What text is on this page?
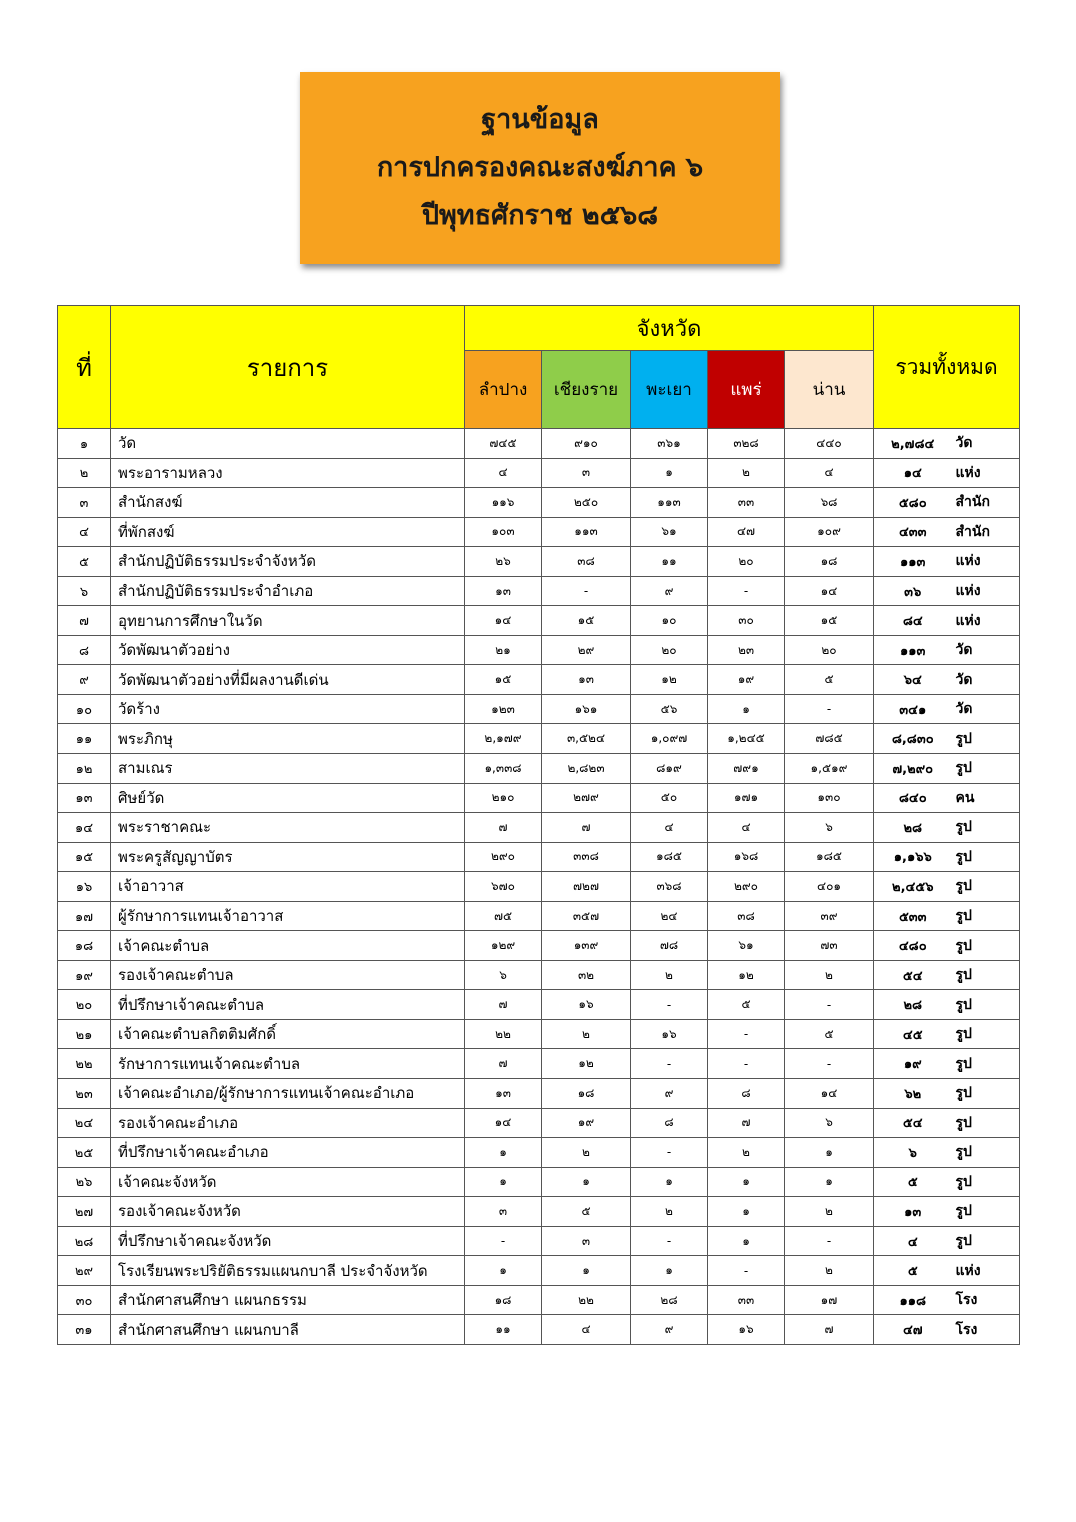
ฐานข้อมูล
การปกครองคณะสงฆ์ภาค ๖
ปีพุทธศักราช ๒๕๖๘
ที่	รายการ	จังหวัด					รวมทั้งหมด	
		ลำปาง	เชียงราย	พะเยา	แพร่	น่าน		
๑	วัด	๗๔๕	๙๑๐	๓๖๑	๓๒๘	๔๔๐	๒,๗๘๔	วัด
๒	พระอารามหลวง	๔	๓	๑	๒	๔	๑๔	แห่ง
๓	สำนักสงฆ์	๑๑๖	๒๕๐	๑๑๓	๓๓	๖๘	๕๘๐	สำนัก
๔	ที่พักสงฆ์	๑๐๓	๑๑๓	๖๑	๔๗	๑๐๙	๔๓๓	สำนัก
๕	สำนักปฏิบัติธรรมประจำจังหวัด	๒๖	๓๘	๑๑	๒๐	๑๘	๑๑๓	แห่ง
๖	สำนักปฏิบัติธรรมประจำอำเภอ	๑๓	-	๙	-	๑๔	๓๖	แห่ง
๗	อุทยานการศึกษาในวัด	๑๔	๑๕	๑๐	๓๐	๑๕	๘๔	แห่ง
๘	วัดพัฒนาตัวอย่าง	๒๑	๒๙	๒๐	๒๓	๒๐	๑๑๓	วัด
๙	วัดพัฒนาตัวอย่างที่มีผลงานดีเด่น	๑๕	๑๓	๑๒	๑๙	๕	๖๔	วัด
๑๐	วัดร้าง	๑๒๓	๑๖๑	๕๖	๑	-	๓๔๑	วัด
๑๑	พระภิกษุ	๒,๑๗๙	๓,๕๒๔	๑,๐๙๗	๑,๒๔๕	๗๘๕	๘,๘๓๐	รูป
๑๒	สามเณร	๑,๓๓๘	๒,๘๒๓	๘๑๙	๗๙๑	๑,๕๑๙	๗,๒๙๐	รูป
๑๓	ศิษย์วัด	๒๑๐	๒๗๙	๕๐	๑๗๑	๑๓๐	๘๔๐	คน
๑๔	พระราชาคณะ	๗	๗	๔	๔	๖	๒๘	รูป
๑๕	พระครูสัญญาบัตร	๒๙๐	๓๓๘	๑๘๕	๑๖๘	๑๘๕	๑,๑๖๖	รูป
๑๖	เจ้าอาวาส	๖๗๐	๗๒๗	๓๖๘	๒๙๐	๔๐๑	๒,๔๕๖	รูป
๑๗	ผู้รักษาการแทนเจ้าอาวาส	๗๕	๓๕๗	๒๔	๓๘	๓๙	๕๓๓	รูป
๑๘	เจ้าคณะตำบล	๑๒๙	๑๓๙	๗๘	๖๑	๗๓	๔๘๐	รูป
๑๙	รองเจ้าคณะตำบล	๖	๓๒	๒	๑๒	๒	๕๔	รูป
๒๐	ที่ปรึกษาเจ้าคณะตำบล	๗	๑๖	-	๕	-	๒๘	รูป
๒๑	เจ้าคณะตำบลกิตติมศักดิ์	๒๒	๒	๑๖	-	๕	๔๕	รูป
๒๒	รักษาการแทนเจ้าคณะตำบล	๗	๑๒	-	-	-	๑๙	รูป
๒๓	เจ้าคณะอำเภอ/ผู้รักษาการแทนเจ้าคณะอำเภอ	๑๓	๑๘	๙	๘	๑๔	๖๒	รูป
๒๔	รองเจ้าคณะอำเภอ	๑๔	๑๙	๘	๗	๖	๕๔	รูป
๒๕	ที่ปรึกษาเจ้าคณะอำเภอ	๑	๒	-	๒	๑	๖	รูป
๒๖	เจ้าคณะจังหวัด	๑	๑	๑	๑	๑	๕	รูป
๒๗	รองเจ้าคณะจังหวัด	๓	๕	๒	๑	๒	๑๓	รูป
๒๘	ที่ปรึกษาเจ้าคณะจังหวัด	-	๓	-	๑	-	๔	รูป
๒๙	โรงเรียนพระปริยัติธรรมแผนกบาลี ประจำจังหวัด	๑	๑	๑	-	๒	๕	แห่ง
๓๐	สำนักศาสนศึกษา แผนกธรรม	๑๘	๒๒	๒๘	๓๓	๑๗	๑๑๘	โรง
๓๑	สำนักศาสนศึกษา แผนกบาลี	๑๑	๔	๙	๑๖	๗	๔๗	โรง
